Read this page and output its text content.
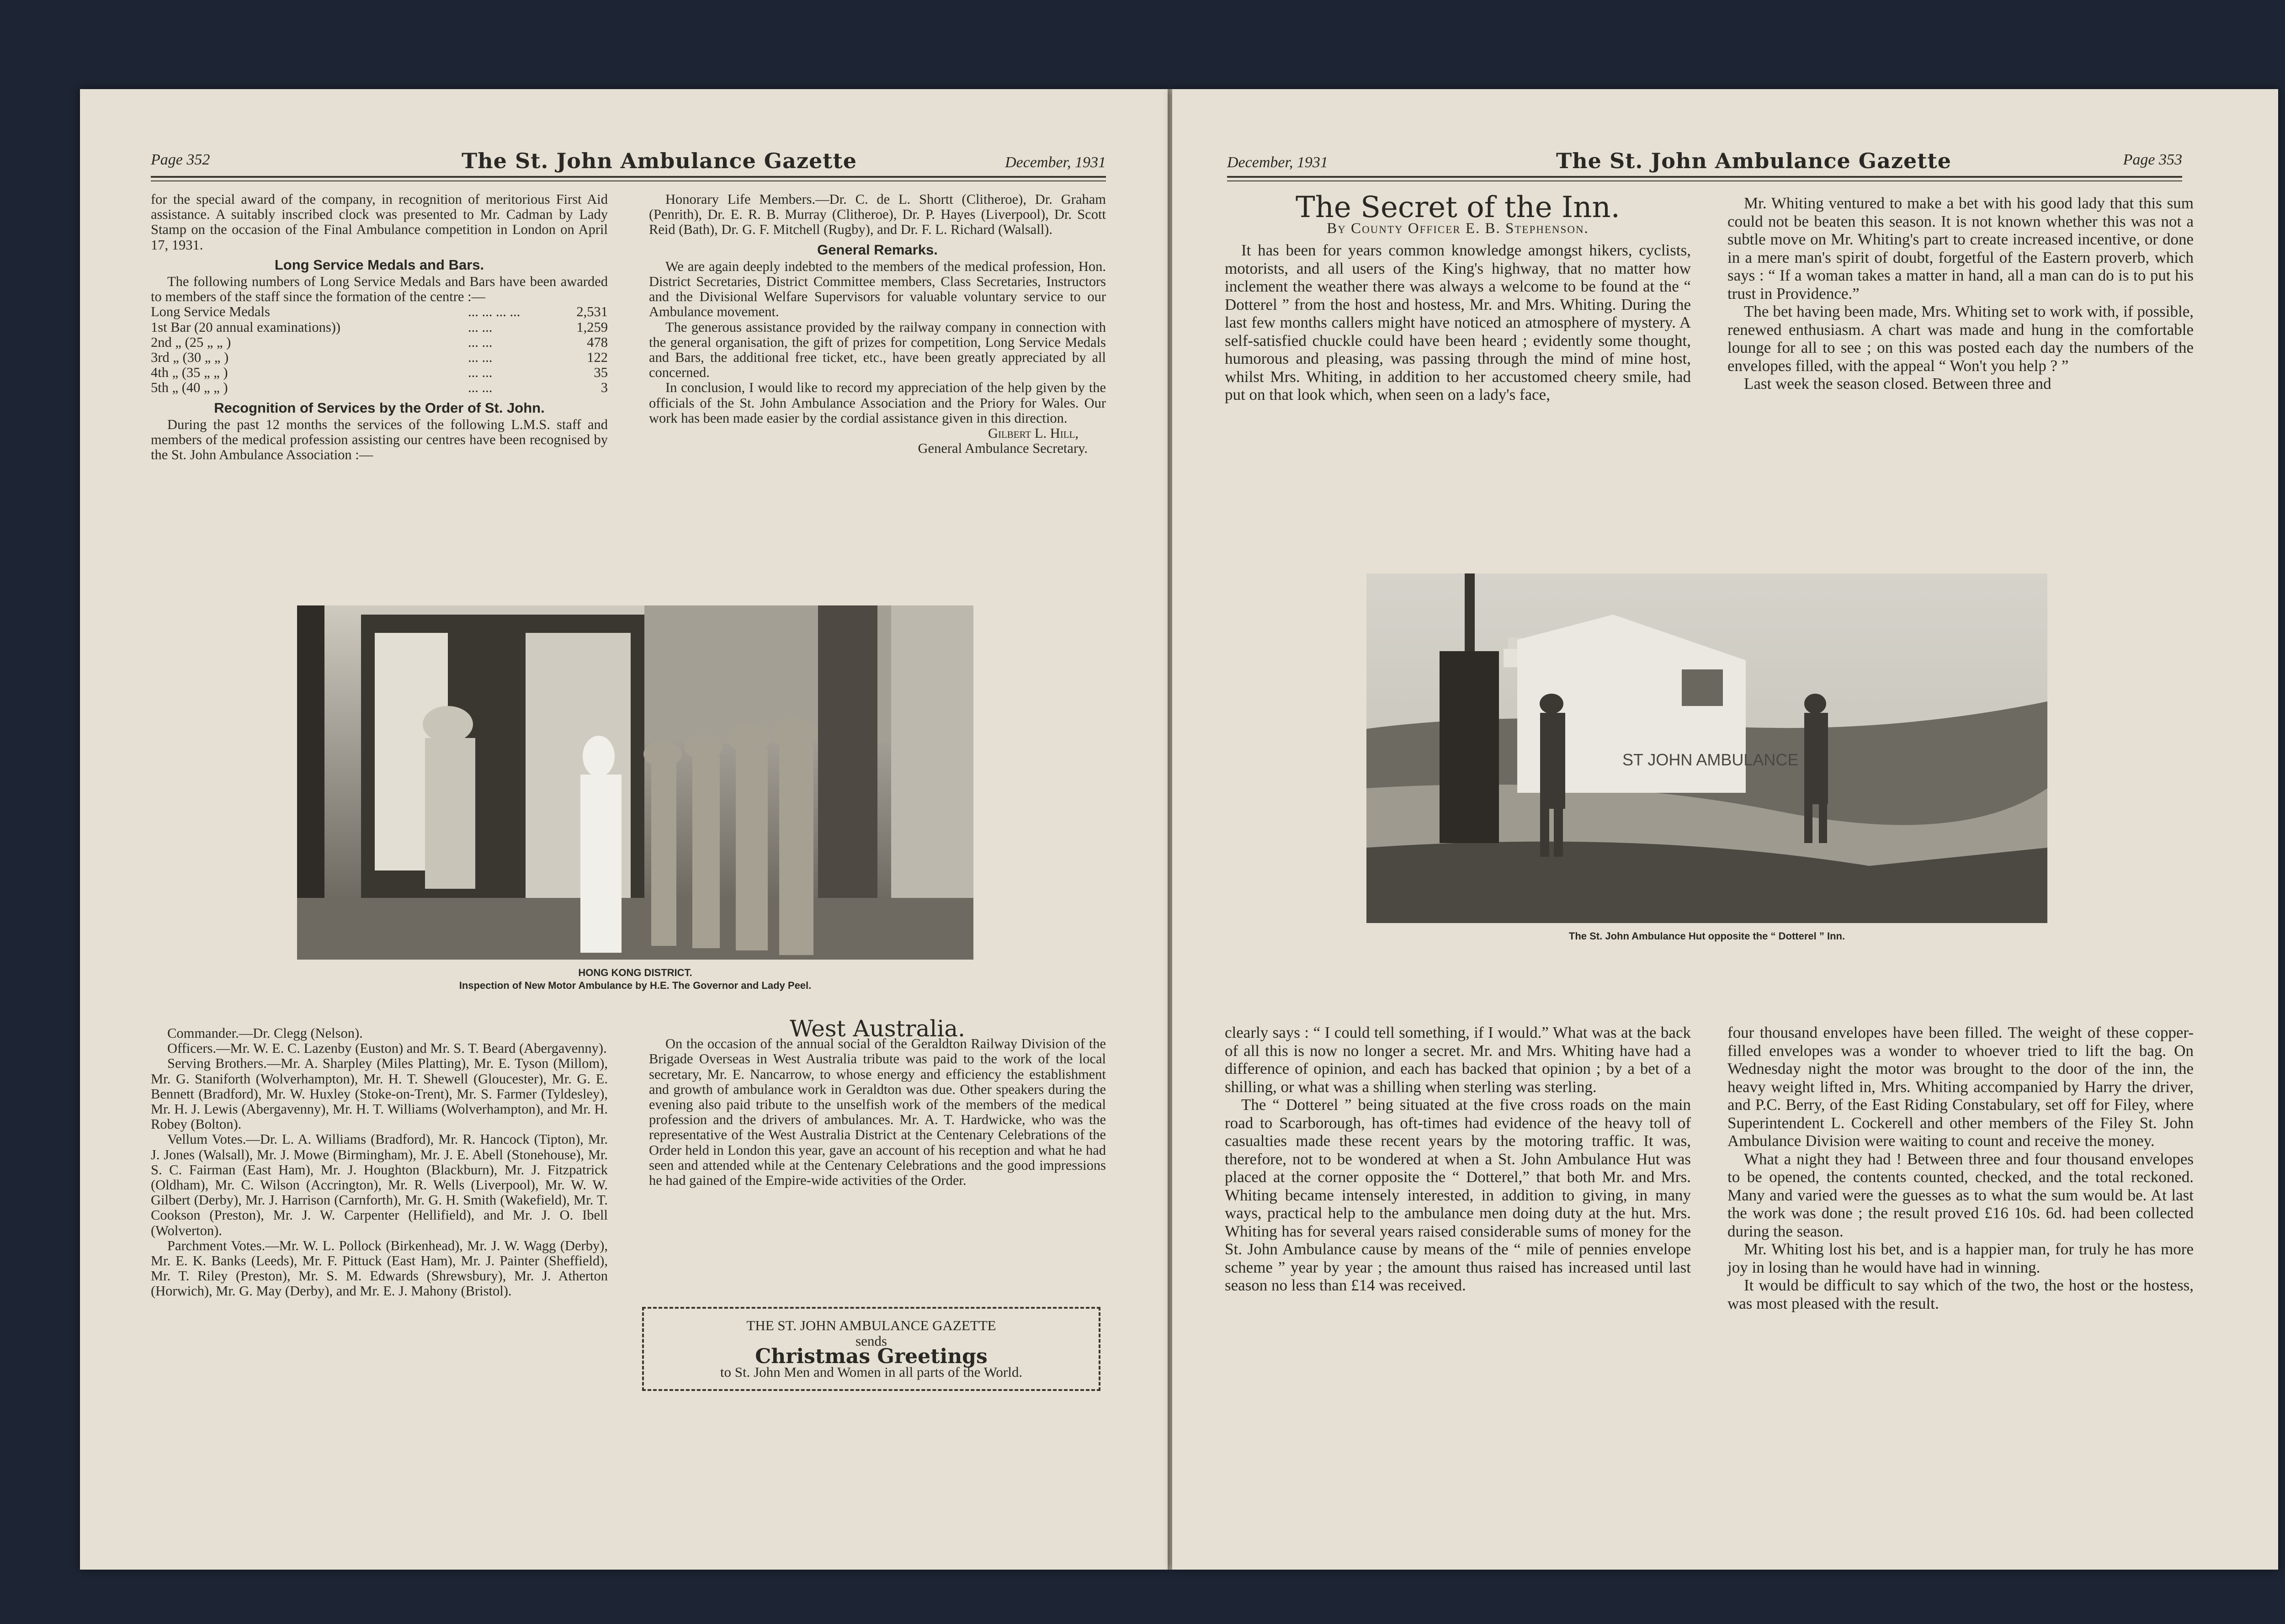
Page 352	The St. John Ambulance Gazette	December, 1931

for the special award of the company, in recognition of meritorious First Aid assistance. A suitably inscribed clock was presented to Mr. Cadman by Lady Stamp on the occasion of the Final Ambulance competition in London on April 17, 1931.

Long Service Medals and Bars.

The following numbers of Long Service Medals and Bars have been awarded to members of the staff since the formation of the centre :—

Long Service Medals	... ... ... ...	2,531
1st Bar (20 annual examinations))	... ...	1,259
2nd „ (25 „ „ )	... ...	478
3rd „ (30 „ „ )	... ...	122
4th „ (35 „ „ )	... ...	35
5th „ (40 „ „ )	... ...	3
Recognition of Services by the Order of St. John.

During the past 12 months the services of the following L.M.S. staff and members of the medical profession assisting our centres have been recognised by the St. John Ambulance Association :—

Honorary Life Members.—Dr. C. de L. Shortt (Clitheroe), Dr. Graham (Penrith), Dr. E. R. B. Murray (Clitheroe), Dr. P. Hayes (Liverpool), Dr. Scott Reid (Bath), Dr. G. F. Mitchell (Rugby), and Dr. F. L. Richard (Walsall).

General Remarks.

We are again deeply indebted to the members of the medical profession, Hon. District Secretaries, District Committee members, Class Secretaries, Instructors and the Divisional Welfare Supervisors for valuable voluntary service to our Ambulance movement.

The generous assistance provided by the railway company in connection with the general organisation, the gift of prizes for competition, Long Service Medals and Bars, the additional free ticket, etc., have been greatly appreciated by all concerned.

In conclusion, I would like to record my appreciation of the help given by the officials of the St. John Ambulance Association and the Priory for Wales. Our work has been made easier by the cordial assistance given in this direction.

Gilbert L. Hill,
General Ambulance Secretary.
HONG KONG DISTRICT.
Inspection of New Motor Ambulance by H.E. The Governor and Lady Peel.

Commander.—Dr. Clegg (Nelson).

Officers.—Mr. W. E. C. Lazenby (Euston) and Mr. S. T. Beard (Abergavenny).

Serving Brothers.—Mr. A. Sharpley (Miles Platting), Mr. E. Tyson (Millom), Mr. G. Staniforth (Wolverhampton), Mr. H. T. Shewell (Gloucester), Mr. G. E. Bennett (Bradford), Mr. W. Huxley (Stoke-on-Trent), Mr. S. Farmer (Tyldesley), Mr. H. J. Lewis (Abergavenny), Mr. H. T. Williams (Wolverhampton), and Mr. H. Robey (Bolton).

Vellum Votes.—Dr. L. A. Williams (Bradford), Mr. R. Hancock (Tipton), Mr. J. Jones (Walsall), Mr. J. Mowe (Birmingham), Mr. J. E. Abell (Stonehouse), Mr. S. C. Fairman (East Ham), Mr. J. Houghton (Blackburn), Mr. J. Fitzpatrick (Oldham), Mr. C. Wilson (Accrington), Mr. R. Wells (Liverpool), Mr. W. W. Gilbert (Derby), Mr. J. Harrison (Carnforth), Mr. G. H. Smith (Wakefield), Mr. T. Cookson (Preston), Mr. J. W. Carpenter (Hellifield), and Mr. J. O. Ibell (Wolverton).

Parchment Votes.—Mr. W. L. Pollock (Birkenhead), Mr. J. W. Wagg (Derby), Mr. E. K. Banks (Leeds), Mr. F. Pittuck (East Ham), Mr. J. Painter (Sheffield), Mr. T. Riley (Preston), Mr. S. M. Edwards (Shrewsbury), Mr. J. Atherton (Horwich), Mr. G. May (Derby), and Mr. E. J. Mahony (Bristol).

West Australia.

On the occasion of the annual social of the Geraldton Railway Division of the Brigade Overseas in West Australia tribute was paid to the work of the local secretary, Mr. E. Nancarrow, to whose energy and efficiency the establishment and growth of ambulance work in Geraldton was due. Other speakers during the evening also paid tribute to the unselfish work of the members of the medical profession and the drivers of ambulances. Mr. A. T. Hardwicke, who was the representative of the West Australia District at the Centenary Celebrations of the Order held in London this year, gave an account of his reception and what he had seen and attended while at the Centenary Celebrations and the good impressions he had gained of the Empire-wide activities of the Order.

THE ST. JOHN AMBULANCE GAZETTE
sends
Christmas Greetings
to St. John Men and Women in all parts of the World.
December, 1931	The St. John Ambulance Gazette	Page 353
The Secret of the Inn.
By County Officer E. B. Stephenson.

It has been for years common knowledge amongst hikers, cyclists, motorists, and all users of the King's highway, that no matter how inclement the weather there was always a welcome to be found at the “ Dotterel ” from the host and hostess, Mr. and Mrs. Whiting. During the last few months callers might have noticed an atmosphere of mystery. A self-satisfied chuckle could have been heard ; evidently some thought, humorous and pleasing, was passing through the mind of mine host, whilst Mrs. Whiting, in addition to her accustomed cheery smile, had put on that look which, when seen on a lady's face,

Mr. Whiting ventured to make a bet with his good lady that this sum could not be beaten this season. It is not known whether this was not a subtle move on Mr. Whiting's part to create increased incentive, or done in a mere man's spirit of doubt, forgetful of the Eastern proverb, which says : “ If a woman takes a matter in hand, all a man can do is to put his trust in Providence.”

The bet having been made, Mrs. Whiting set to work with, if possible, renewed enthusiasm. A chart was made and hung in the comfortable lounge for all to see ; on this was posted each day the numbers of the envelopes filled, with the appeal “ Won't you help ? ”

Last week the season closed. Between three and

ST JOHN AMBULANCE
The St. John Ambulance Hut opposite the “ Dotterel ” Inn.

clearly says : “ I could tell something, if I would.” What was at the back of all this is now no longer a secret. Mr. and Mrs. Whiting have had a difference of opinion, and each has backed that opinion ; by a bet of a shilling, or what was a shilling when sterling was sterling.

The “ Dotterel ” being situated at the five cross roads on the main road to Scarborough, has oft-times had evidence of the heavy toll of casualties made these recent years by the motoring traffic. It was, therefore, not to be wondered at when a St. John Ambulance Hut was placed at the corner opposite the “ Dotterel,” that both Mr. and Mrs. Whiting became intensely interested, in addition to giving, in many ways, practical help to the ambulance men doing duty at the hut. Mrs. Whiting has for several years raised considerable sums of money for the St. John Ambulance cause by means of the “ mile of pennies envelope scheme ” year by year ; the amount thus raised has increased until last season no less than £14 was received.

four thousand envelopes have been filled. The weight of these copper-filled envelopes was a wonder to whoever tried to lift the bag. On Wednesday night the motor was brought to the door of the inn, the heavy weight lifted in, Mrs. Whiting accompanied by Harry the driver, and P.C. Berry, of the East Riding Constabulary, set off for Filey, where Superintendent L. Cockerell and other members of the Filey St. John Ambulance Division were waiting to count and receive the money.

What a night they had ! Between three and four thousand envelopes to be opened, the contents counted, checked, and the total reckoned. Many and varied were the guesses as to what the sum would be. At last the work was done ; the result proved £16 10s. 6d. had been collected during the season.

Mr. Whiting lost his bet, and is a happier man, for truly he has more joy in losing than he would have had in winning.

It would be difficult to say which of the two, the host or the hostess, was most pleased with the result.
